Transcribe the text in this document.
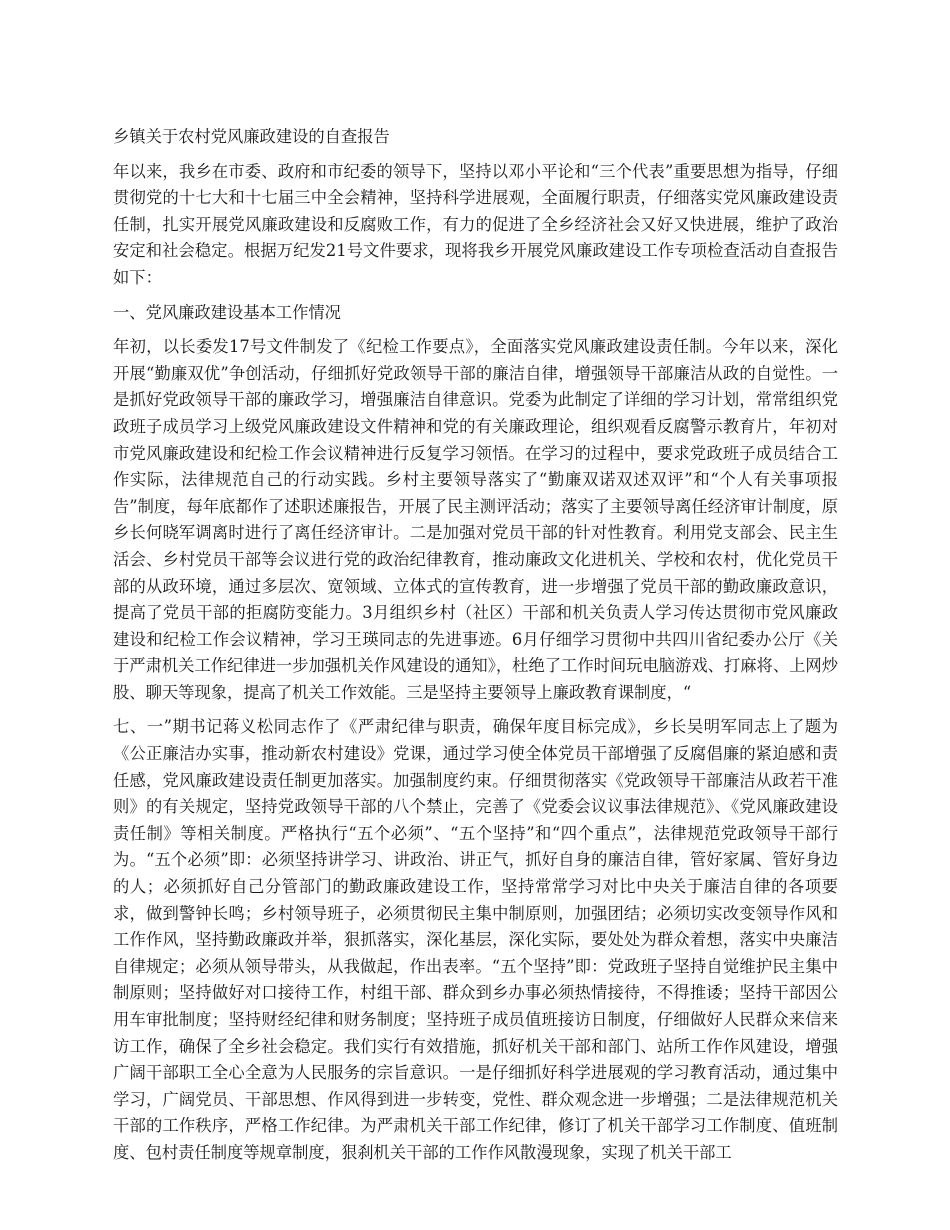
乡镇关于农村党风廉政建设的自查报告

年以来，我乡在市委、政府和市纪委的领导下，坚持以邓小平论和“三个代表”重要思想为指导，仔细贯彻党的十七大和十七届三中全会精神，坚持科学进展观，全面履行职责，仔细落实党风廉政建设责任制，扎实开展党风廉政建设和反腐败工作，有力的促进了全乡经济社会又好又快进展，维护了政治安定和社会稳定。根据万纪发21号文件要求，现将我乡开展党风廉政建设工作专项检查活动自查报告如下：

一、党风廉政建设基本工作情况

年初，以长委发17号文件制发了《纪检工作要点》，全面落实党风廉政建设责任制。今年以来，深化开展“勤廉双优”争创活动，仔细抓好党政领导干部的廉洁自律，增强领导干部廉洁从政的自觉性。一是抓好党政领导干部的廉政学习，增强廉洁自律意识。党委为此制定了详细的学习计划，常常组织党政班子成员学习上级党风廉政建设文件精神和党的有关廉政理论，组织观看反腐警示教育片，年初对市党风廉政建设和纪检工作会议精神进行反复学习领悟。在学习的过程中，要求党政班子成员结合工作实际，法律规范自己的行动实践。乡村主要领导落实了“勤廉双诺双述双评”和“个人有关事项报告”制度，每年底都作了述职述廉报告，开展了民主测评活动；落实了主要领导离任经济审计制度，原乡长何晓军调离时进行了离任经济审计。二是加强对党员干部的针对性教育。利用党支部会、民主生活会、乡村党员干部等会议进行党的政治纪律教育，推动廉政文化进机关、学校和农村，优化党员干部的从政环境，通过多层次、宽领域、立体式的宣传教育，进一步增强了党员干部的勤政廉政意识，提高了党员干部的拒腐防变能力。3月组织乡村（社区）干部和机关负责人学习传达贯彻市党风廉政建设和纪检工作会议精神，学习王瑛同志的先进事迹。6月仔细学习贯彻中共四川省纪委办公厅《关于严肃机关工作纪律进一步加强机关作风建设的通知》，杜绝了工作时间玩电脑游戏、打麻将、上网炒股、聊天等现象，提高了机关工作效能。三是坚持主要领导上廉政教育课制度，“

七、一”期书记蒋义松同志作了《严肃纪律与职责，确保年度目标完成》，乡长吴明军同志上了题为《公正廉洁办实事，推动新农村建设》党课，通过学习使全体党员干部增强了反腐倡廉的紧迫感和责任感，党风廉政建设责任制更加落实。加强制度约束。仔细贯彻落实《党政领导干部廉洁从政若干准则》的有关规定，坚持党政领导干部的八个禁止，完善了《党委会议议事法律规范》、《党风廉政建设责任制》等相关制度。严格执行“五个必须”、“五个坚持”和“四个重点”，法律规范党政领导干部行为。“五个必须”即：必须坚持讲学习、讲政治、讲正气，抓好自身的廉洁自律，管好家属、管好身边的人；必须抓好自己分管部门的勤政廉政建设工作，坚持常常学习对比中央关于廉洁自律的各项要求，做到警钟长鸣；乡村领导班子，必须贯彻民主集中制原则，加强团结；必须切实改变领导作风和工作作风，坚持勤政廉政并举，狠抓落实，深化基层，深化实际，要处处为群众着想，落实中央廉洁自律规定；必须从领导带头，从我做起，作出表率。“五个坚持”即：党政班子坚持自觉维护民主集中制原则；坚持做好对口接待工作，村组干部、群众到乡办事必须热情接待，不得推诿；坚持干部因公用车审批制度；坚持财经纪律和财务制度；坚持班子成员值班接访日制度，仔细做好人民群众来信来访工作，确保了全乡社会稳定。我们实行有效措施，抓好机关干部和部门、站所工作作风建设，增强广阔干部职工全心全意为人民服务的宗旨意识。一是仔细抓好科学进展观的学习教育活动，通过集中学习，广阔党员、干部思想、作风得到进一步转变，党性、群众观念进一步增强；二是法律规范机关干部的工作秩序，严格工作纪律。为严肃机关干部工作纪律，修订了机关干部学习工作制度、值班制度、包村责任制度等规章制度，狠刹机关干部的工作作风散漫现象，实现了机关干部工
